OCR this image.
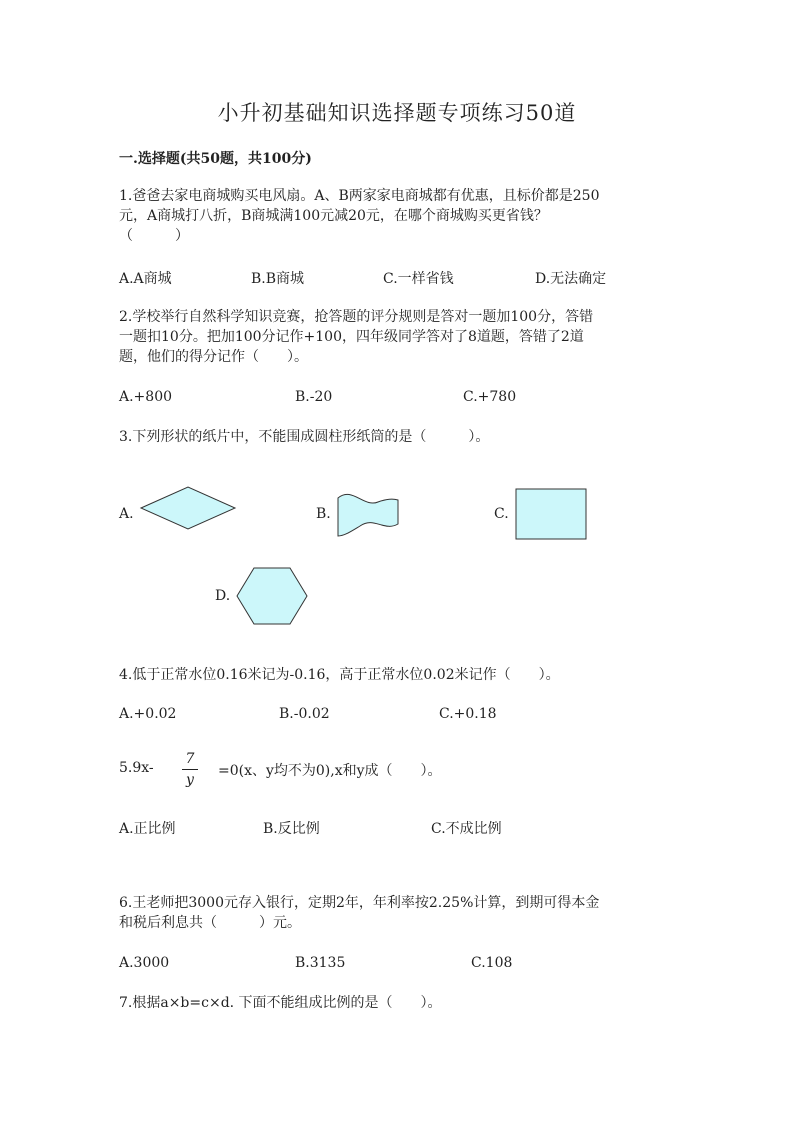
小升初基础知识选择题专项练习50道
一.选择题(共50题，共100分)
1.爸爸去家电商城购买电风扇。A、B两家家电商城都有优惠，且标价都是250
元，A商城打八折，B商城满100元减20元，在哪个商城购买更省钱？
（　　　）
A.A商城	B.B商城	C.一样省钱	D.无法确定
2.学校举行自然科学知识竞赛，抢答题的评分规则是答对一题加100分，答错
一题扣10分。把加100分记作+100，四年级同学答对了8道题，答错了2道
题，他们的得分记作（　　）。
A.+800	B.-20	C.+780
3.下列形状的纸片中，不能围成圆柱形纸筒的是（　　　）。
A.	B.	C.
D.
4.低于正常水位0.16米记为-0.16，高于正常水位0.02米记作（　　）。
A.+0.02	B.-0.02	C.+0.18
5.9x-
7
y
=0(x、y均不为0),x和y成（　　）。
A.正比例	B.反比例	C.不成比例
6.王老师把3000元存入银行，定期2年，年利率按2.25%计算，到期可得本金
和税后利息共（　　　）元。
A.3000	B.3135	C.108
7.根据a×b=c×d. 下面不能组成比例的是（　　）。
